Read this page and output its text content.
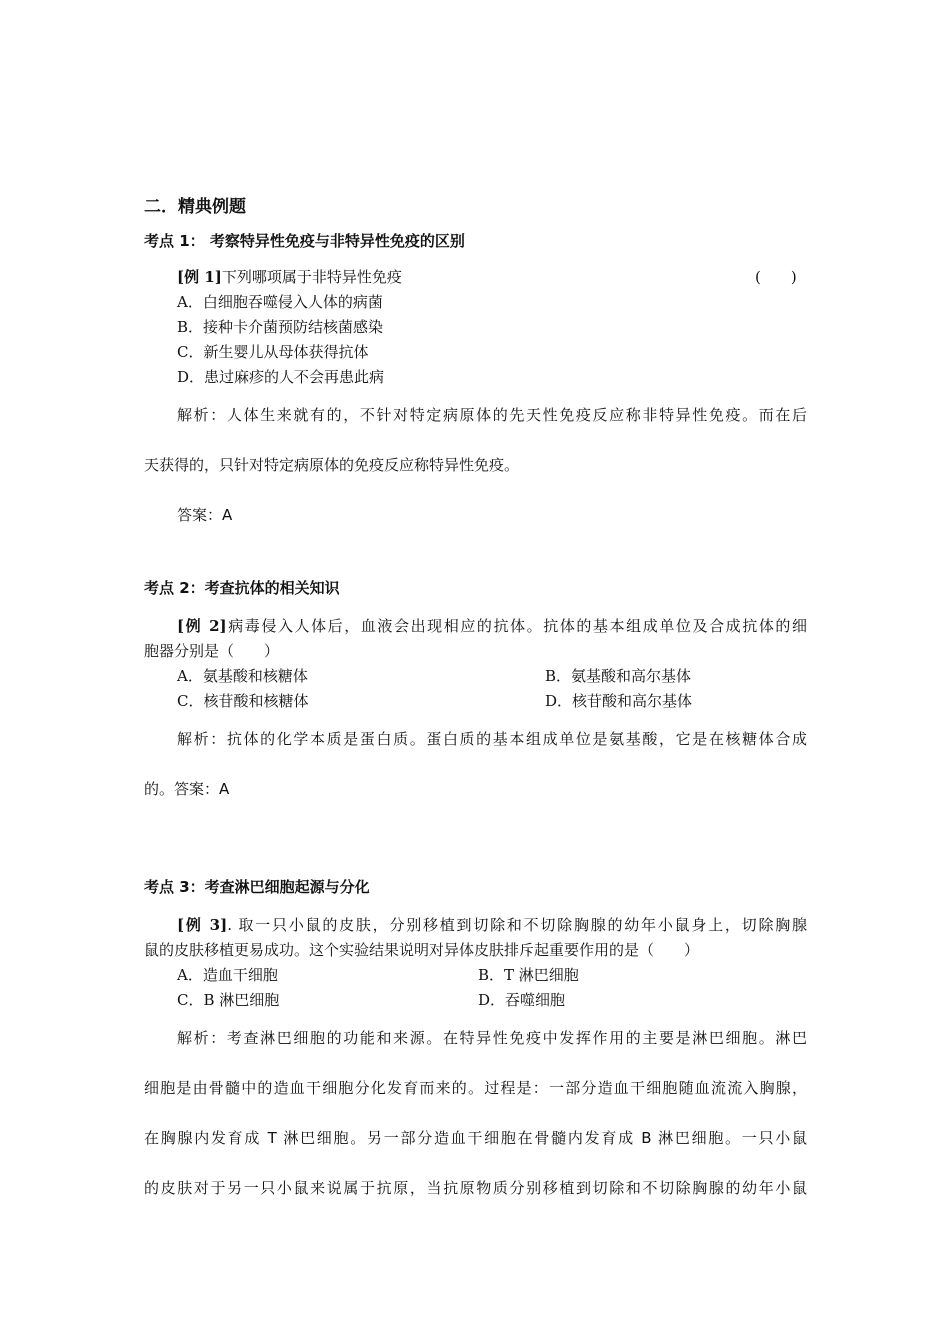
二．精典例题
考点 1： 考察特异性免疫与非特异性免疫的区别
[例 1]下列哪项属于非特异性免疫	(　　)
A．白细胞吞噬侵入人体的病菌
B．接种卡介菌预防结核菌感染
C．新生婴儿从母体获得抗体
D．患过麻疹的人不会再患此病
解析：人体生来就有的，不针对特定病原体的先天性免疫反应称非特异性免疫。而在后
天获得的，只针对特定病原体的免疫反应称特异性免疫。
答案：A
考点 2：考查抗体的相关知识
[例 2]病毒侵入人体后，血液会出现相应的抗体。抗体的基本组成单位及合成抗体的细
胞器分别是（　　）
A．氨基酸和核糖体	B．氨基酸和高尔基体
C．核苷酸和核糖体	D．核苷酸和高尔基体
解析：抗体的化学本质是蛋白质。蛋白质的基本组成单位是氨基酸，它是在核糖体合成
的。答案：A
考点 3：考查淋巴细胞起源与分化
[例 3]. 取一只小鼠的皮肤，分别移植到切除和不切除胸腺的幼年小鼠身上，切除胸腺
鼠的皮肤移植更易成功。这个实验结果说明对异体皮肤排斥起重要作用的是（　　）
A．造血干细胞	B．T 淋巴细胞
C．B 淋巴细胞	D．吞噬细胞
解析：考查淋巴细胞的功能和来源。在特异性免疫中发挥作用的主要是淋巴细胞。淋巴
细胞是由骨髓中的造血干细胞分化发育而来的。过程是：一部分造血干细胞随血流流入胸腺，
在胸腺内发育成 T 淋巴细胞。另一部分造血干细胞在骨髓内发育成 B 淋巴细胞。一只小鼠
的皮肤对于另一只小鼠来说属于抗原，当抗原物质分别移植到切除和不切除胸腺的幼年小鼠
